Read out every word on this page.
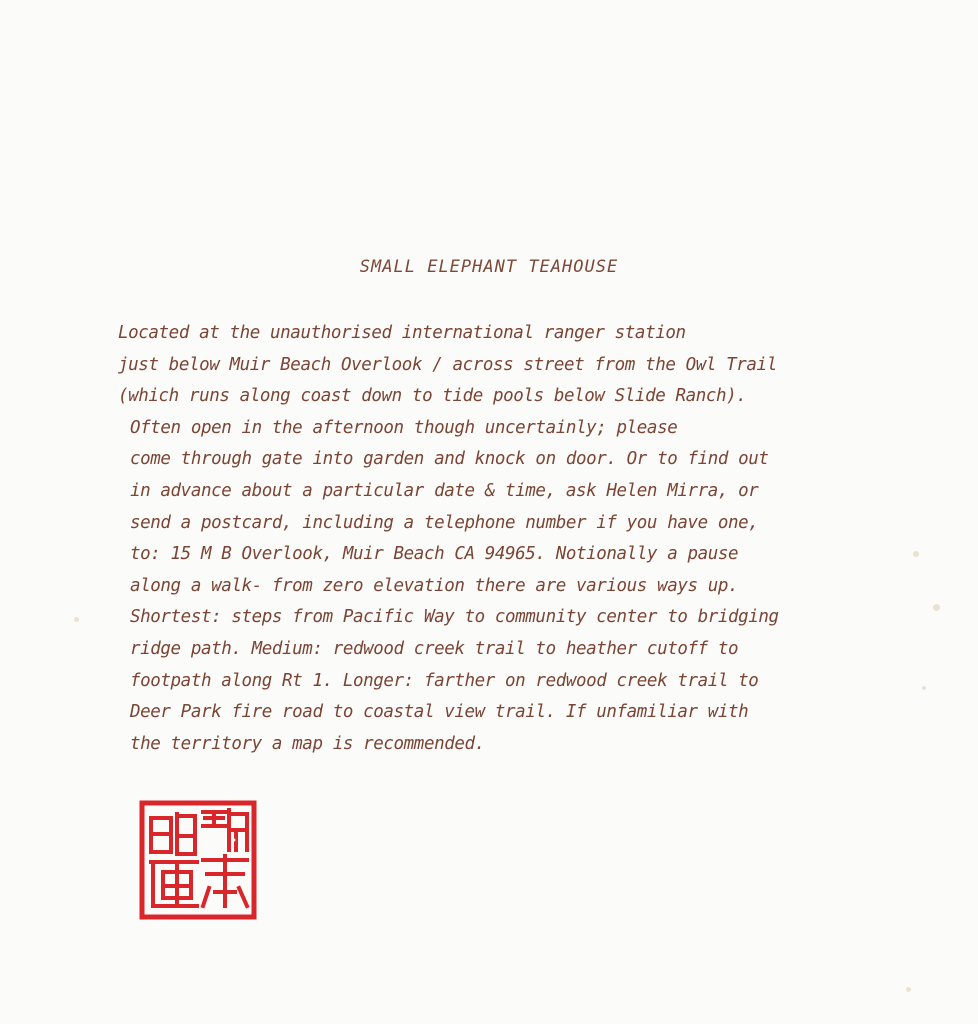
SMALL ELEPHANT TEAHOUSE
Located at the unauthorised international ranger station
just below Muir Beach Overlook / across street from the Owl Trail
(which runs along coast down to tide pools below Slide Ranch).
Often open in the afternoon though uncertainly; please
come through gate into garden and knock on door. Or to find out
in advance about a particular date & time, ask Helen Mirra, or
send a postcard, including a telephone number if you have one,
to: 15 M B Overlook, Muir Beach CA 94965. Notionally a pause
along a walk- from zero elevation there are various ways up.
Shortest: steps from Pacific Way to community center to bridging
ridge path. Medium: redwood creek trail to heather cutoff to
footpath along Rt 1. Longer: farther on redwood creek trail to
Deer Park fire road to coastal view trail. If unfamiliar with
the territory a map is recommended.
